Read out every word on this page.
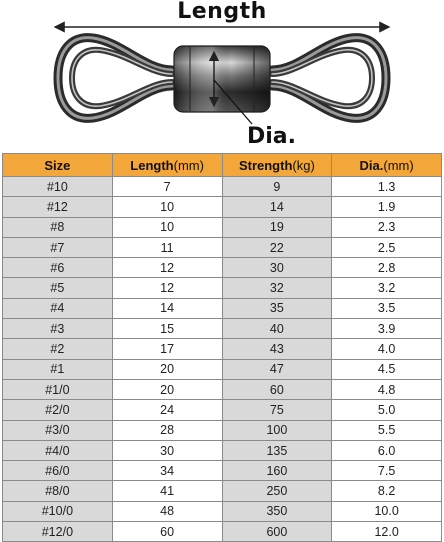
Length
Dia.
Size	Length(mm)	Strength(kg)	Dia.(mm)
#10	7	9	1.3
#12	10	14	1.9
#8	10	19	2.3
#7	11	22	2.5
#6	12	30	2.8
#5	12	32	3.2
#4	14	35	3.5
#3	15	40	3.9
#2	17	43	4.0
#1	20	47	4.5
#1/0	20	60	4.8
#2/0	24	75	5.0
#3/0	28	100	5.5
#4/0	30	135	6.0
#6/0	34	160	7.5
#8/0	41	250	8.2
#10/0	48	350	10.0
#12/0	60	600	12.0
